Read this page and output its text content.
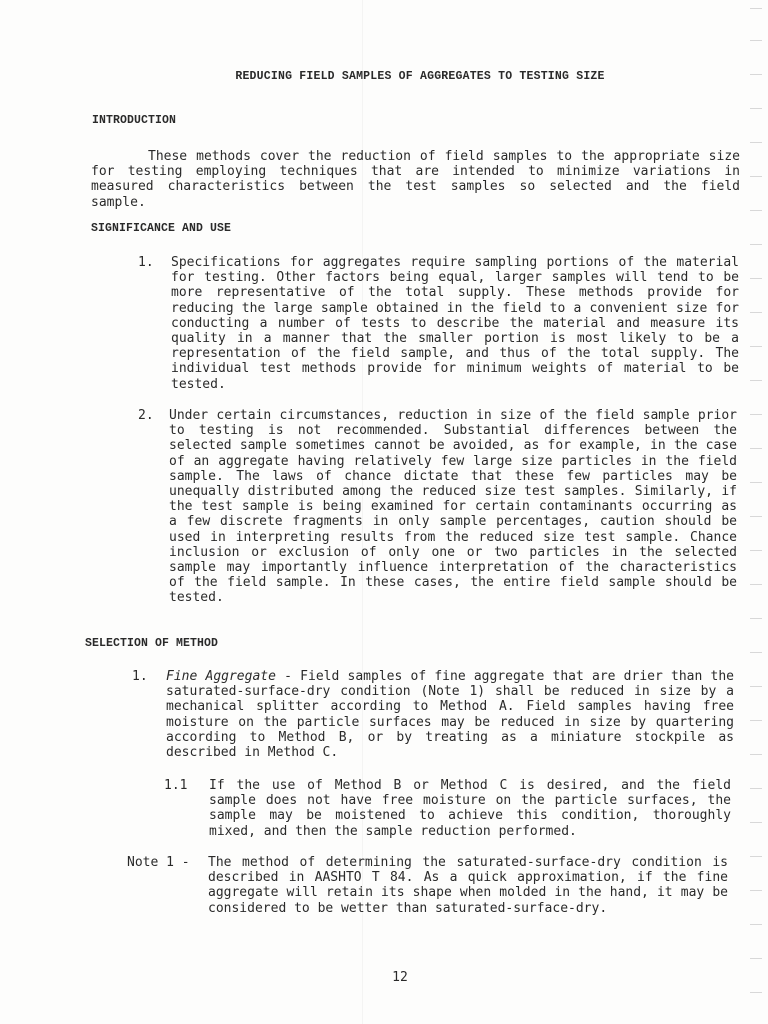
REDUCING FIELD SAMPLES OF AGGREGATES TO TESTING SIZE
INTRODUCTION

These methods cover the reduction of field samples to the appropriate size for testing employing techniques that are intended to minimize variations in measured characteristics between the test samples so selected and the field sample.

SIGNIFICANCE AND USE
1. Specifications for aggregates require sampling portions of the material for testing. Other factors being equal, larger samples will tend to be more representative of the total supply. These methods provide for reducing the large sample obtained in the field to a convenient size for conducting a number of tests to describe the material and measure its quality in a manner that the smaller portion is most likely to be a representation of the field sample, and thus of the total supply. The individual test methods provide for minimum weights of material to be tested.

2. Under certain circumstances, reduction in size of the field sample prior to testing is not recommended. Substantial differences between the selected sample sometimes cannot be avoided, as for example, in the case of an aggregate having relatively few large size particles in the field sample. The laws of chance dictate that these few particles may be unequally distributed among the reduced size test samples. Similarly, if the test sample is being examined for certain contaminants occurring as a few discrete fragments in only sample percentages, caution should be used in interpreting results from the reduced size test sample. Chance inclusion or exclusion of only one or two particles in the selected sample may importantly influence interpretation of the characteristics of the field sample. In these cases, the entire field sample should be tested.

SELECTION OF METHOD
1. Fine Aggregate - Field samples of fine aggregate that are drier than the saturated-surface-dry condition (Note 1) shall be reduced in size by a mechanical splitter according to Method A. Field samples having free moisture on the particle surfaces may be reduced in size by quartering according to Method B, or by treating as a miniature stockpile as described in Method C.

1.1 If the use of Method B or Method C is desired, and the field sample does not have free moisture on the particle surfaces, the sample may be moistened to achieve this condition, thoroughly mixed, and then the sample reduction performed.

Note 1 - The method of determining the saturated-surface-dry condition is described in AASHTO T 84. As a quick approximation, if the fine aggregate will retain its shape when molded in the hand, it may be considered to be wetter than saturated-surface-dry.

12
